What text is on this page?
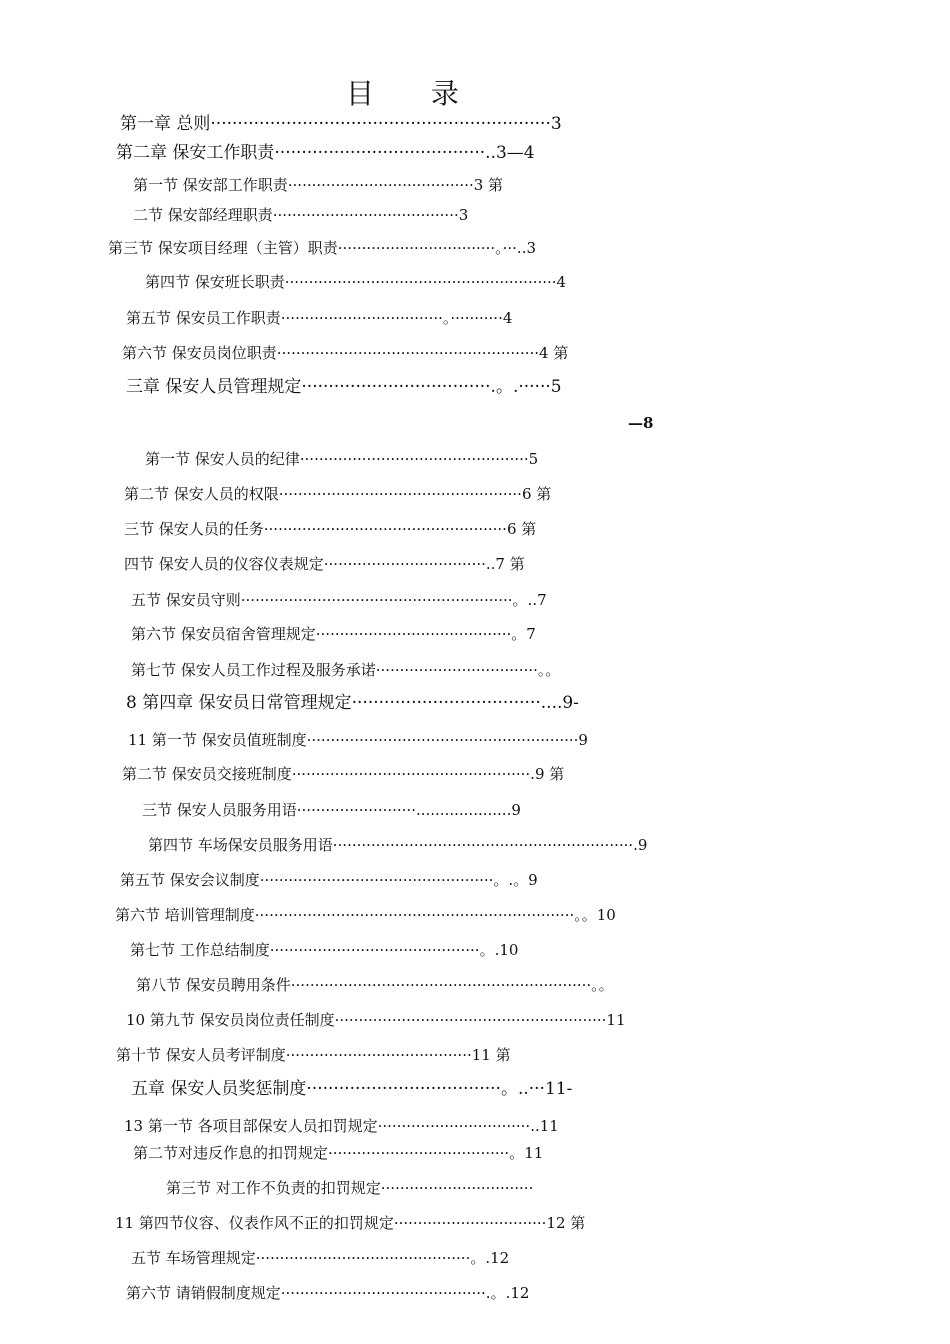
目 录
第一章 总则·······························································3
第二章 保安工作职责·······································..3—4
第一节 保安部工作职责·······································3 第
二节 保安部经理职责·······································3
第三节 保安项目经理（主管）职责·································。···..3
第四节 保安班长职责·························································4
第五节 保安员工作职责··································。···········4
第六节 保安员岗位职责·······················································4 第
三章 保安人员管理规定···································.。.······5
—8
第一节 保安人员的纪律················································5
第二节 保安人员的权限···················································6 第
三节 保安人员的任务···················································6 第
四节 保安人员的仪容仪表规定··································..7 第
五节 保安员守则·························································。..7
第六节 保安员宿舍管理规定·········································。7
第七节 保安人员工作过程及服务承诺··································。。
8 第四章 保安员日常管理规定···································....9-
11 第一节 保安员值班制度·························································9
第二节 保安员交接班制度··················································.9 第
三节 保安人员服务用语·························....................9
第四节 车场保安员服务用语·······························································.9
第五节 保安会议制度·················································。.。9
第六节 培训管理制度···································································。。10
第七节 工作总结制度············································。.10
第八节 保安员聘用条件·······························································。。
10 第九节 保安员岗位责任制度·························································11
第十节 保安人员考评制度·······································11 第
五章 保安人员奖惩制度····································。..···11-
13 第一节 各项目部保安人员扣罚规定································..11
第二节对违反作息的扣罚规定······································。11
第三节 对工作不负责的扣罚规定································
11 第四节仪容、仪表作风不正的扣罚规定································12 第
五节 车场管理规定·············································。.12
第六节 请销假制度规定···········································.。.12
